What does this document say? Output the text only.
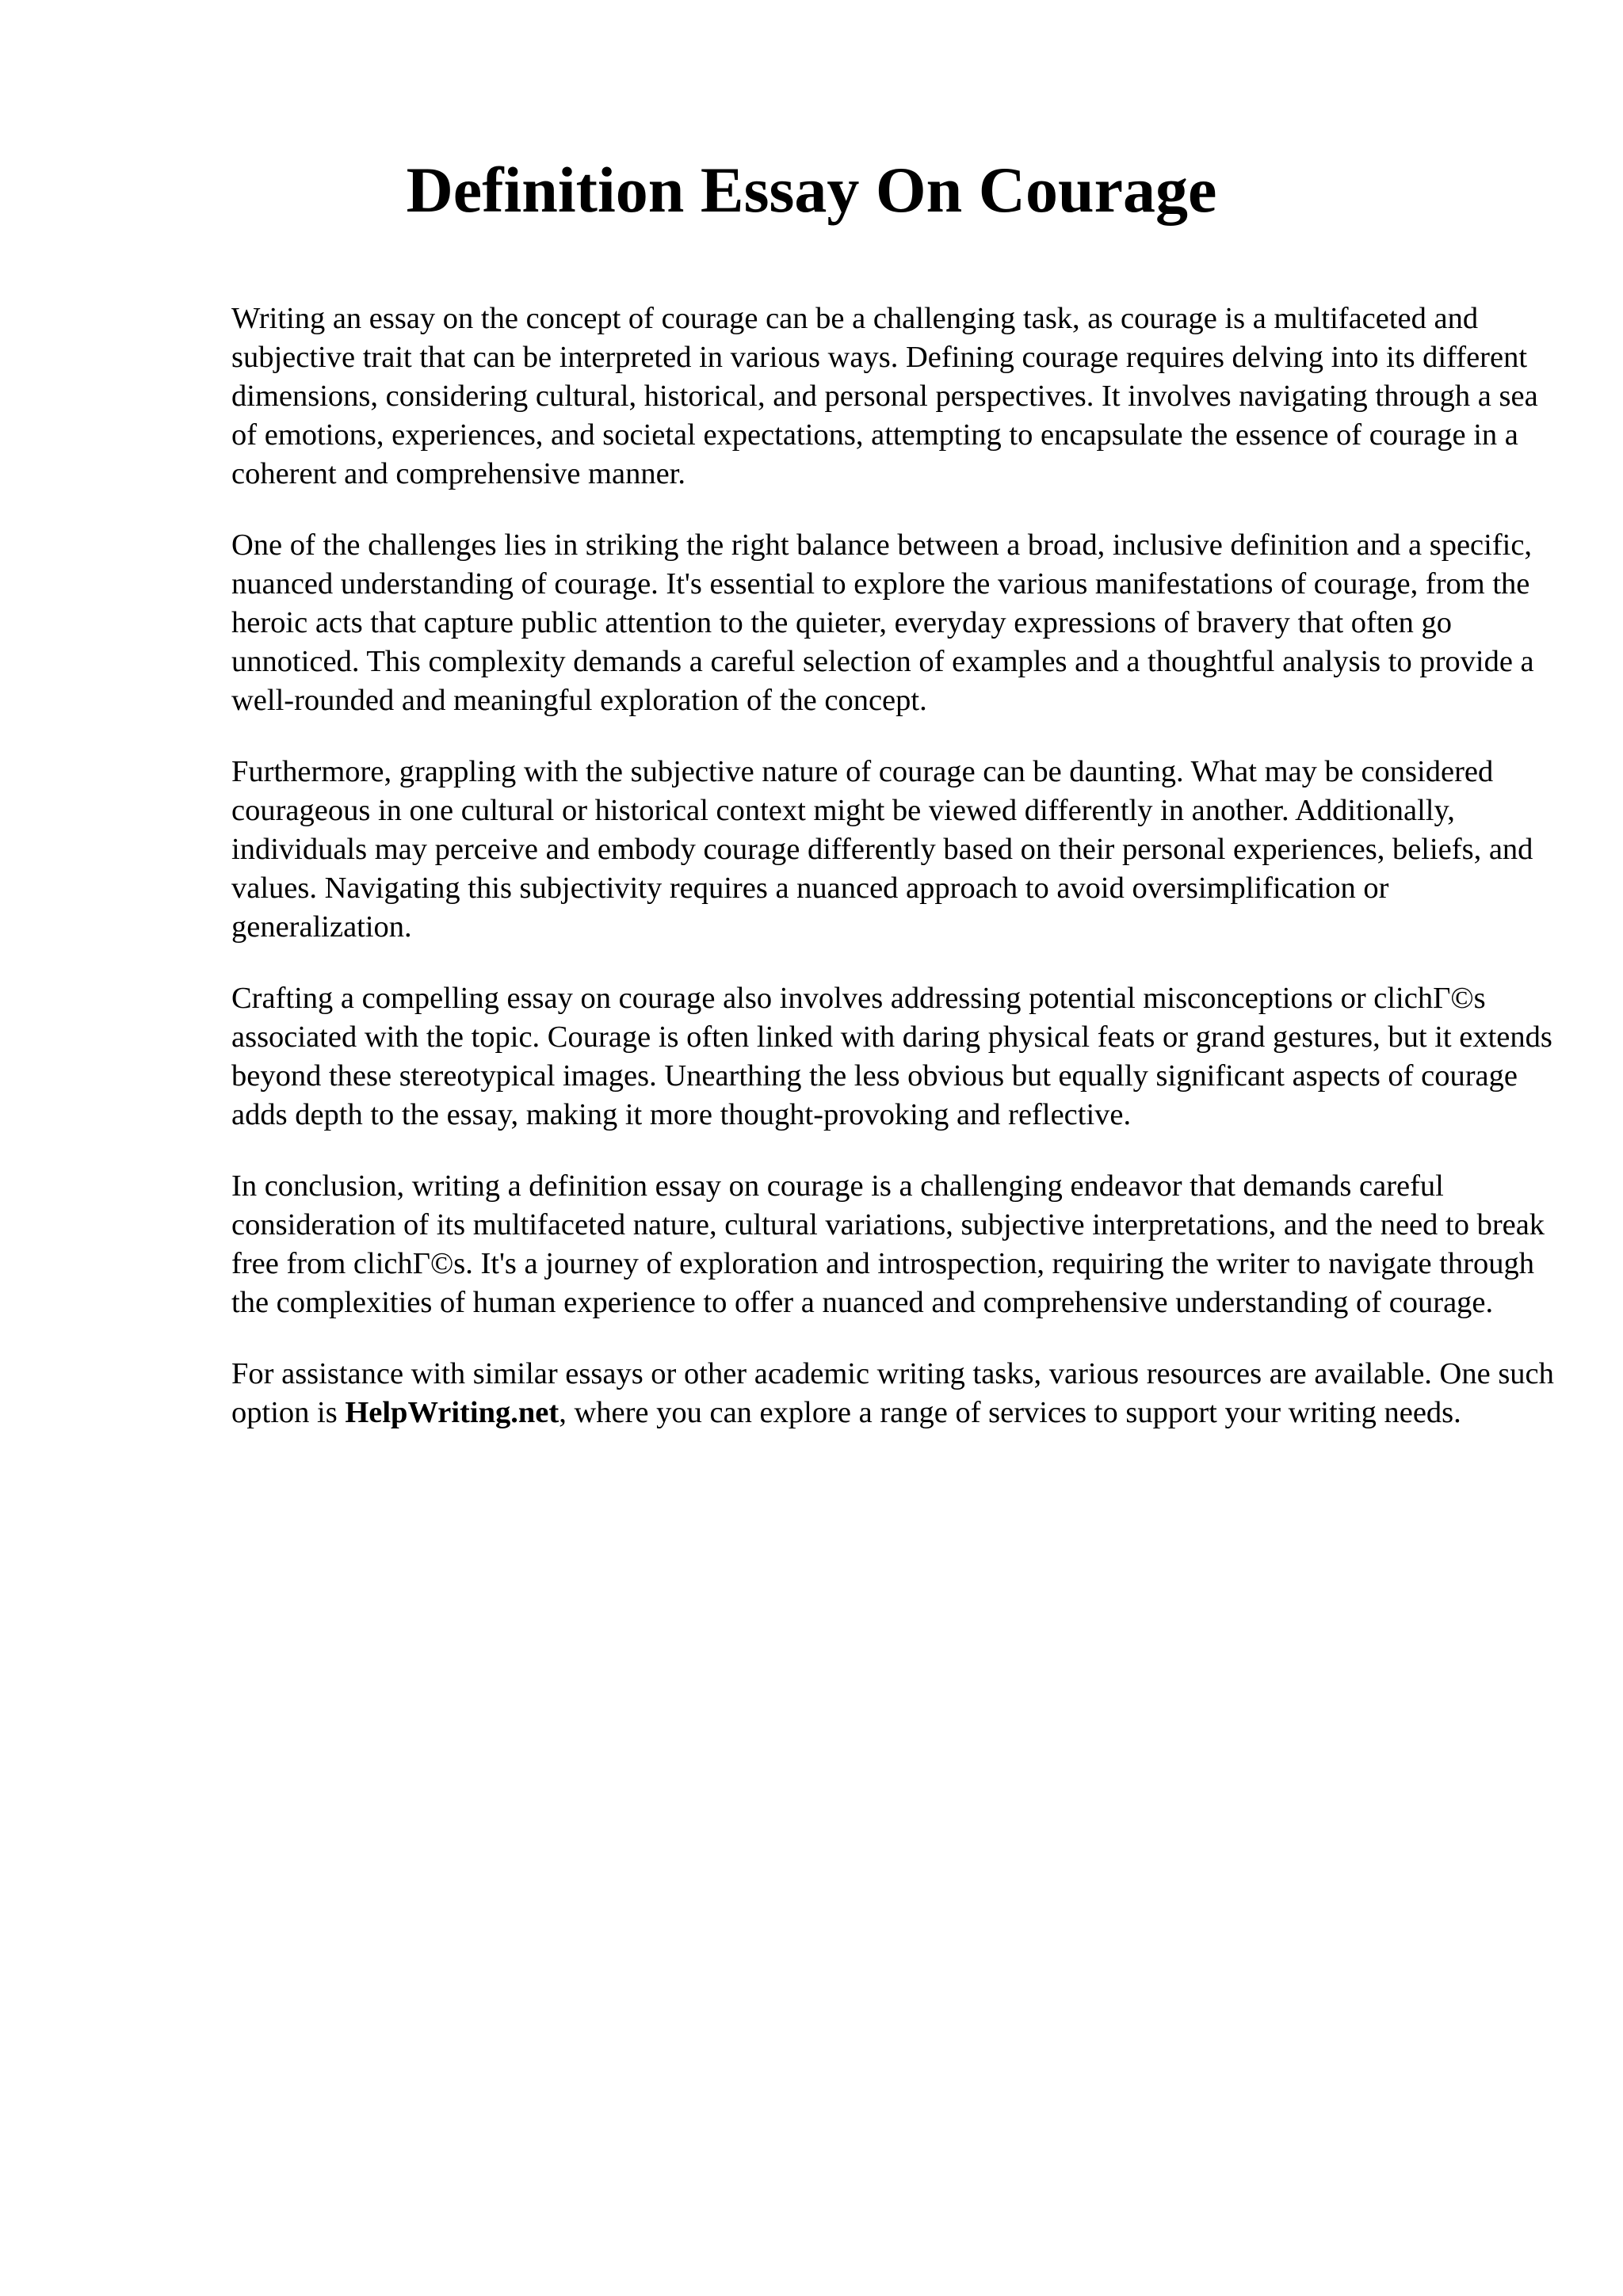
Definition Essay On Courage

Writing an essay on the concept of courage can be a challenging task, as courage is a multifaceted and subjective trait that can be interpreted in various ways. Defining courage requires delving into its different dimensions, considering cultural, historical, and personal perspectives. It involves navigating through a sea of emotions, experiences, and societal expectations, attempting to encapsulate the essence of courage in a coherent and comprehensive manner.

One of the challenges lies in striking the right balance between a broad, inclusive definition and a specific, nuanced understanding of courage. It's essential to explore the various manifestations of courage, from the heroic acts that capture public attention to the quieter, everyday expressions of bravery that often go unnoticed. This complexity demands a careful selection of examples and a thoughtful analysis to provide a well-rounded and meaningful exploration of the concept.

Furthermore, grappling with the subjective nature of courage can be daunting. What may be considered courageous in one cultural or historical context might be viewed differently in another. Additionally, individuals may perceive and embody courage differently based on their personal experiences, beliefs, and values. Navigating this subjectivity requires a nuanced approach to avoid oversimplification or generalization.

Crafting a compelling essay on courage also involves addressing potential misconceptions or clichΓ©s associated with the topic. Courage is often linked with daring physical feats or grand gestures, but it extends beyond these stereotypical images. Unearthing the less obvious but equally significant aspects of courage adds depth to the essay, making it more thought-provoking and reflective.

In conclusion, writing a definition essay on courage is a challenging endeavor that demands careful consideration of its multifaceted nature, cultural variations, subjective interpretations, and the need to break free from clichΓ©s. It's a journey of exploration and introspection, requiring the writer to navigate through the complexities of human experience to offer a nuanced and comprehensive understanding of courage.

For assistance with similar essays or other academic writing tasks, various resources are available. One such option is HelpWriting.net, where you can explore a range of services to support your writing needs.
